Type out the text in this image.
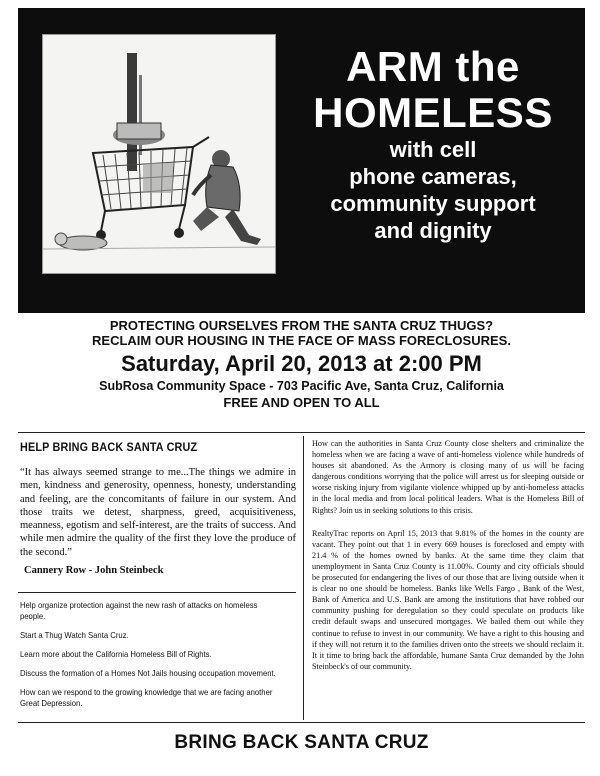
ARM the
HOMELESS
with cell
phone cameras,
community support
and dignity
PROTECTING OURSELVES FROM THE SANTA CRUZ THUGS?
RECLAIM OUR HOUSING IN THE FACE OF MASS FORECLOSURES.
Saturday, April 20, 2013 at 2:00 PM
SubRosa Community Space - 703 Pacific Ave, Santa Cruz, California
FREE AND OPEN TO ALL
HELP BRING BACK SANTA CRUZ
“It has always seemed strange to me...The things we admire in men, kindness and generosity, openness, honesty, understanding and feeling, are the concomitants of failure in our system. And those traits we detest, sharpness, greed, acquisitiveness, meanness, egotism and self-interest, are the traits of success. And while men admire the quality of the first they love the produce of the second.”
Cannery Row - John Steinbeck

Help organize protection against the new rash of attacks on homeless people.

Start a Thug Watch Santa Cruz.

Learn more about the California Homeless Bill of Rights.

Discuss the formation of a Homes Not Jails housing occupation movement.

How can we respond to the growing knowledge that we are facing another Great Depression.

How can the authorities in Santa Cruz County close shelters and criminalize the homeless when we are facing a wave of anti-homeless violence while hundreds of houses sit abandoned. As the Armory is closing many of us will be facing dangerous conditions worrying that the police will arrest us for sleeping outside or worse risking injury from vigilante violence whipped up by anti-homeless attacks in the local media and from local political leaders. What is the Homeless Bill of Rights? Join us in seeking solutions to this crisis.

RealtyTrac reports on April 15, 2013 that 9.81% of the homes in the county are vacant. They point out that 1 in every 669 houses is foreclosed and empty with 21.4 % of the homes owned by banks. At the same time they claim that unemployment in Santa Cruz County is 11.00%. County and city officials should be prosecuted for endangering the lives of our those that are living outside when it is clear no one should be homeless. Banks like Wells Fargo , Bank of the West, Bank of America and U.S. Bank are among the institutions that have robbed our community pushing for deregulation so they could speculate on products like credit default swaps and unsecured mortgages. We bailed them out while they continue to refuse to invest in our community. We have a right to this housing and if they will not return it to the families driven onto the streets we should reclaim it. It it time to bring back the affordable, humane Santa Cruz demanded by the John Steinbeck's of our community.

BRING BACK SANTA CRUZ
